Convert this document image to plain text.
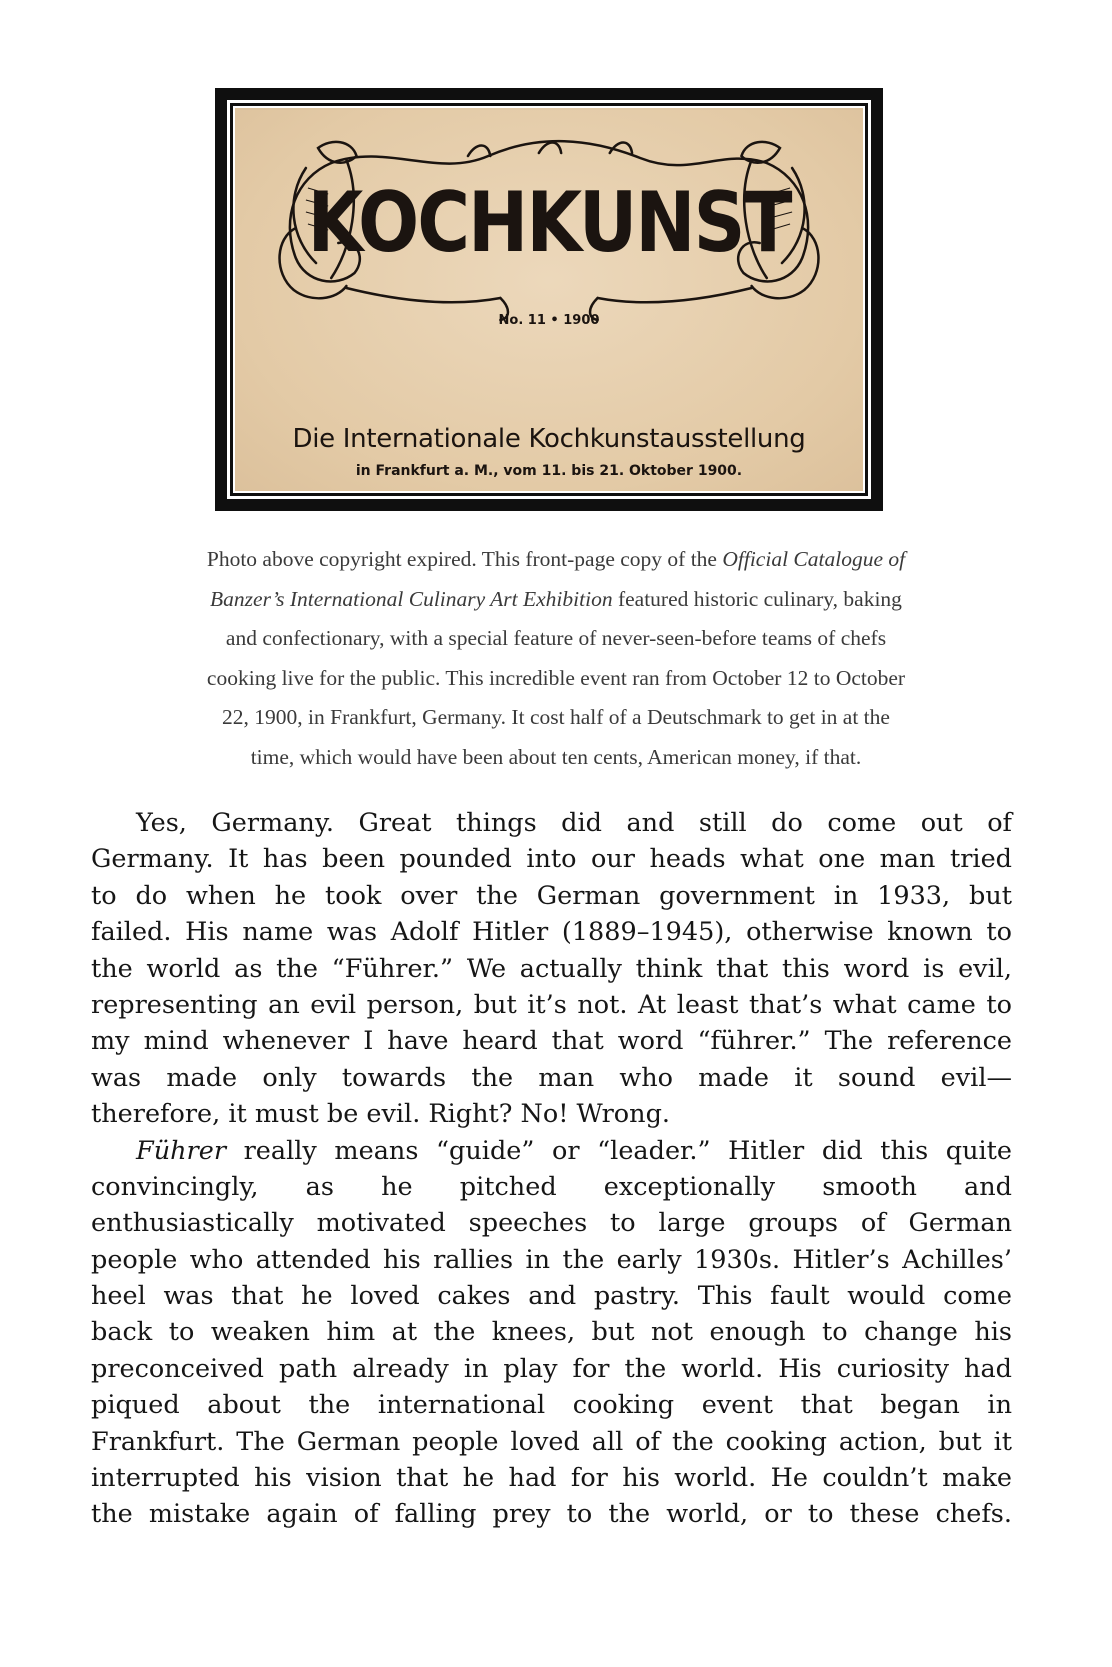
KOCHKUNST
No. 11 • 1900
Die Internationale Kochkunstausstellung
in Frankfurt a. M., vom 11. bis 21. Oktober 1900.
Photo above copyright expired. This front-page copy of the Official Catalogue of
Banzer’s International Culinary Art Exhibition featured historic culinary, baking
and confectionary, with a special feature of never-seen-before teams of chefs
cooking live for the public. This incredible event ran from October 12 to October
22, 1900, in Frankfurt, Germany. It cost half of a Deutschmark to get in at the
time, which would have been about ten cents, American money, if that.
Yes, Germany. Great things did and still do come out of
Germany. It has been pounded into our heads what one man tried
to do when he took over the German government in 1933, but
failed. His name was Adolf Hitler (1889–1945), otherwise known to
the world as the “Führer.” We actually think that this word is evil,
representing an evil person, but it’s not. At least that’s what came to
my mind whenever I have heard that word “führer.” The reference
was made only towards the man who made it sound evil—
therefore, it must be evil. Right? No! Wrong.
Führer really means “guide” or “leader.” Hitler did this quite
convincingly, as he pitched exceptionally smooth and
enthusiastically motivated speeches to large groups of German
people who attended his rallies in the early 1930s. Hitler’s Achilles’
heel was that he loved cakes and pastry. This fault would come
back to weaken him at the knees, but not enough to change his
preconceived path already in play for the world. His curiosity had
piqued about the international cooking event that began in
Frankfurt. The German people loved all of the cooking action, but it
interrupted his vision that he had for his world. He couldn’t make
the mistake again of falling prey to the world, or to these chefs.
